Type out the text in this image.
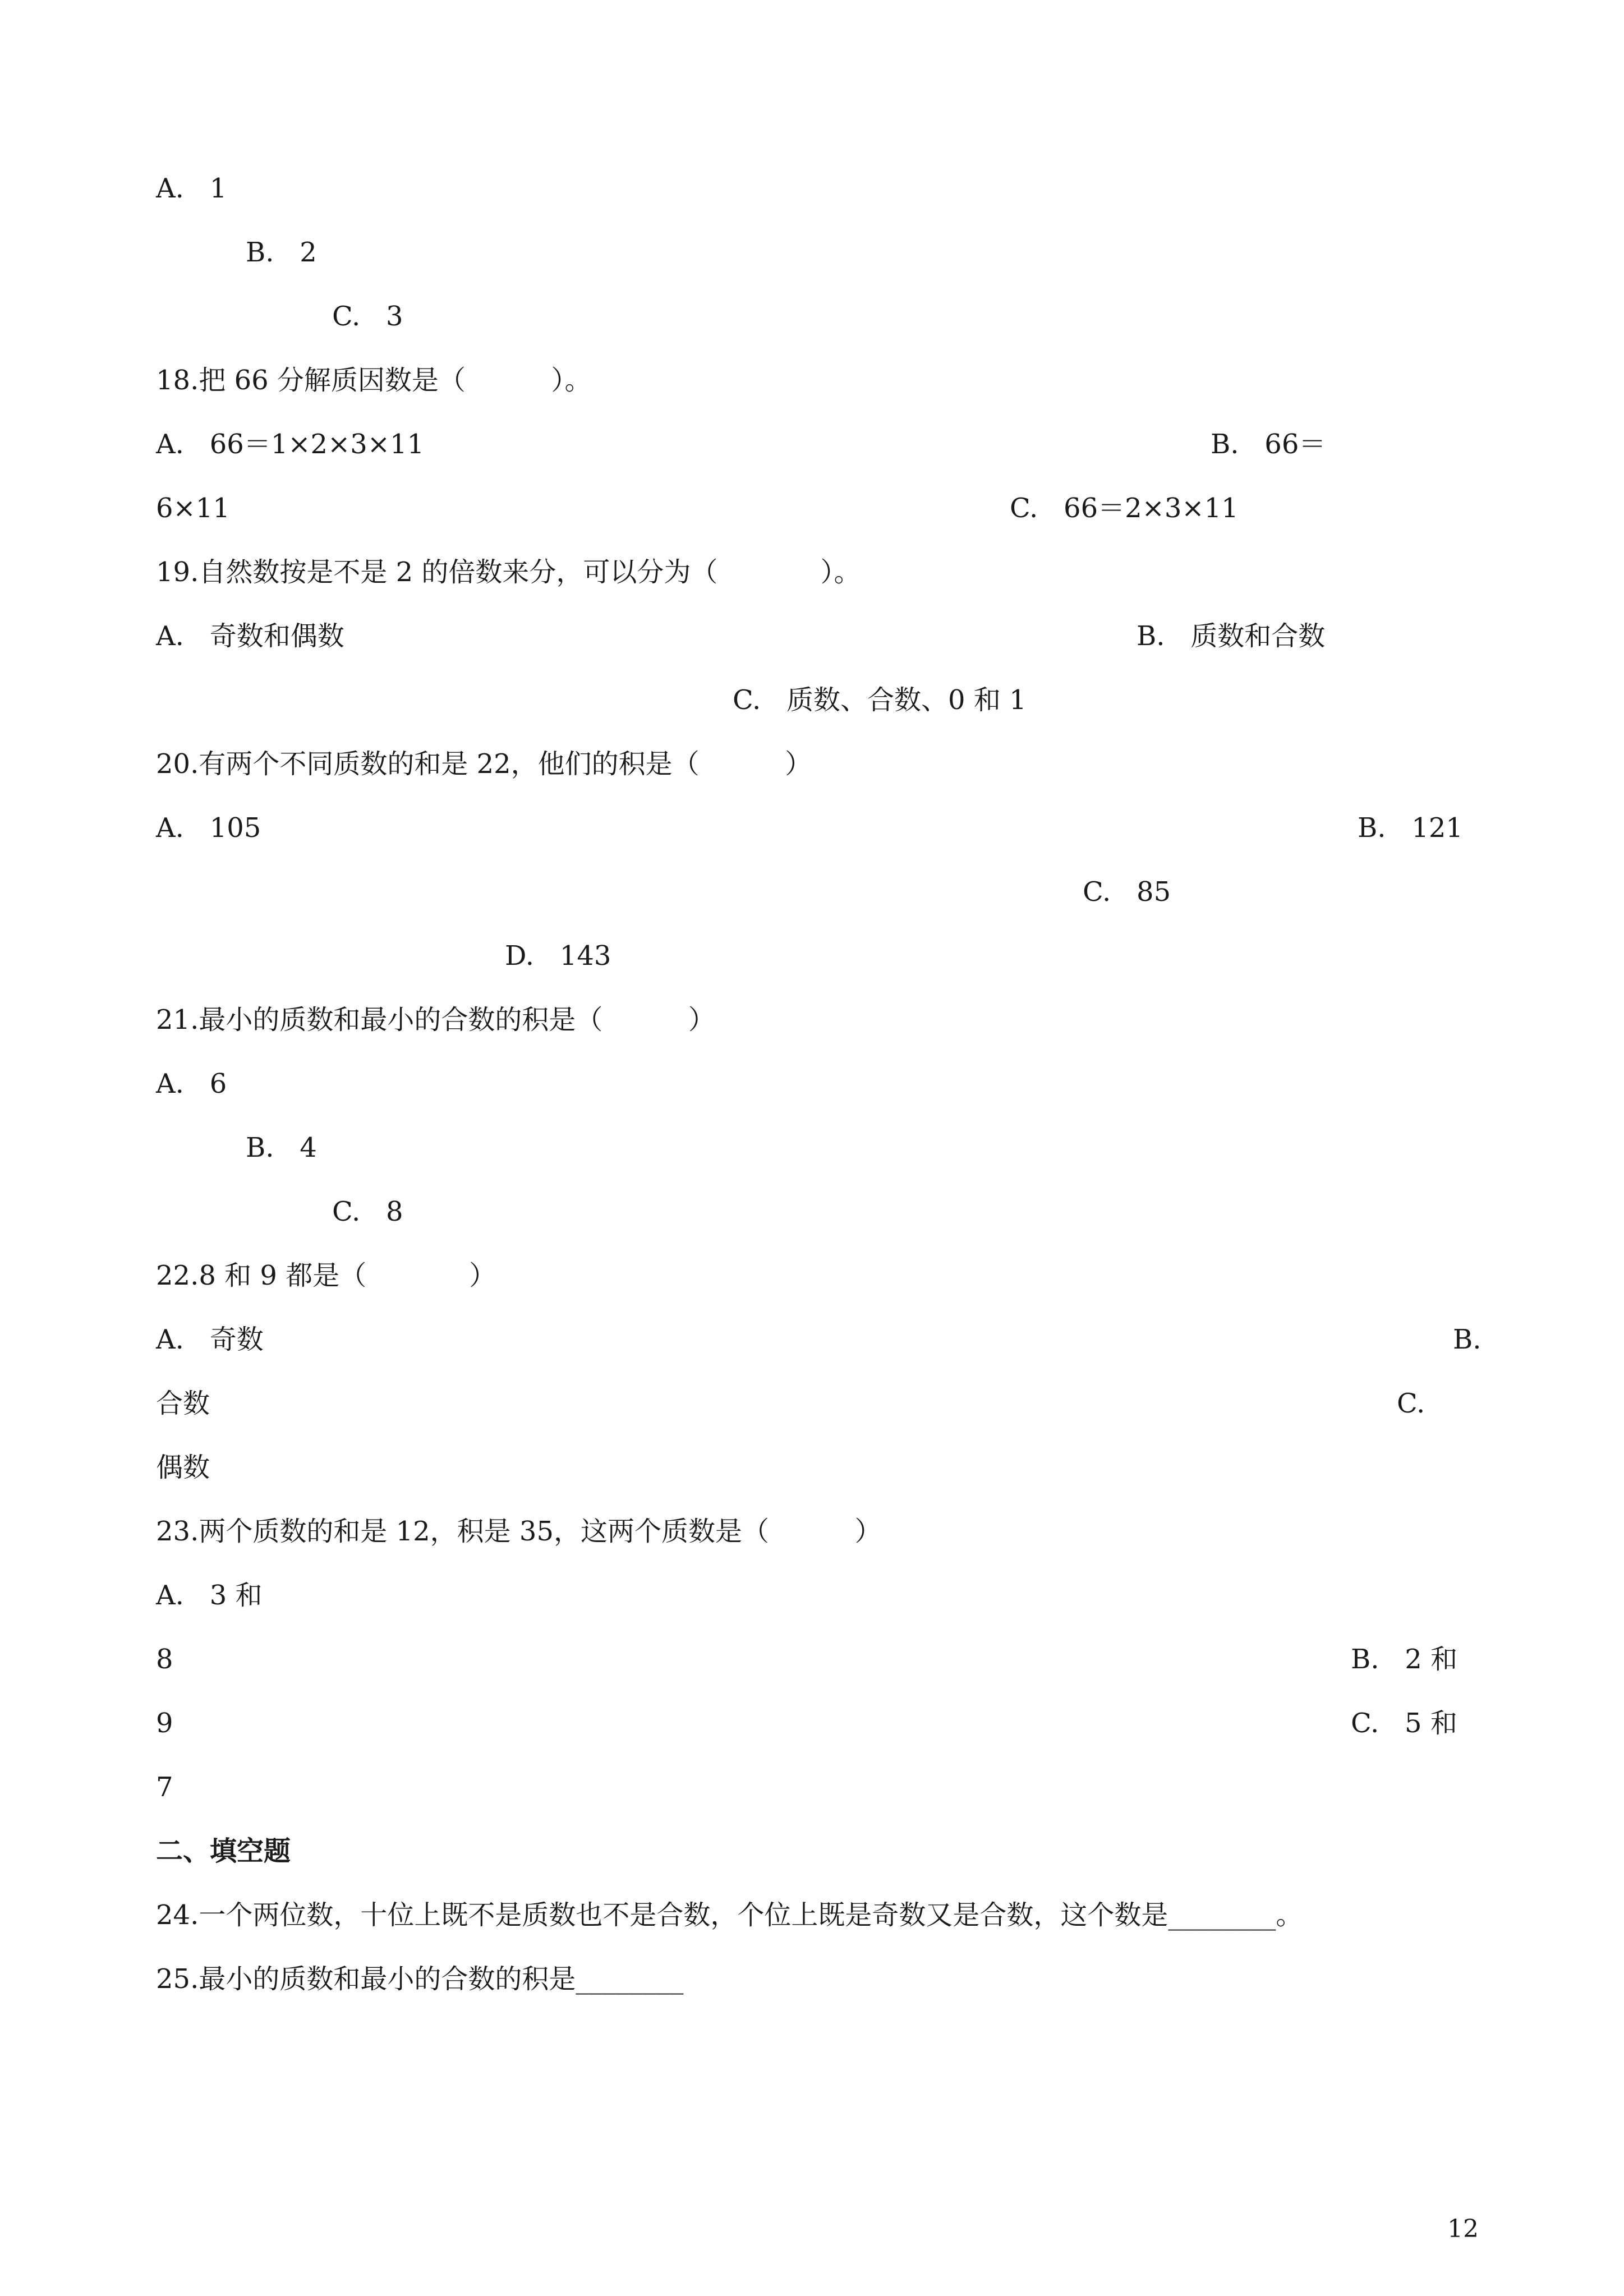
A.   1
B.   2
C.   3
18.把 66 分解质因数是（          ）。
A.   66＝1×2×3×11	B.   66＝
6×11	C.   66＝2×3×11
19.自然数按是不是 2 的倍数来分，可以分为（            ）。
A.   奇数和偶数	B.   质数和合数
C.   质数、合数、0 和 1
20.有两个不同质数的和是 22，他们的积是（          ）
A.   105	B.   121
C.   85
D.   143
21.最小的质数和最小的合数的积是（          ）
A.   6
B.   4
C.   8
22.8 和 9 都是（            ）
A.   奇数	B.
合数	C.
偶数
23.两个质数的和是 12，积是 35，这两个质数是（          ）
A.   3 和
8	B.   2 和
9	C.   5 和
7
二、填空题
24.一个两位数，十位上既不是质数也不是合数，个位上既是奇数又是合数，这个数是________。
25.最小的质数和最小的合数的积是________
12
